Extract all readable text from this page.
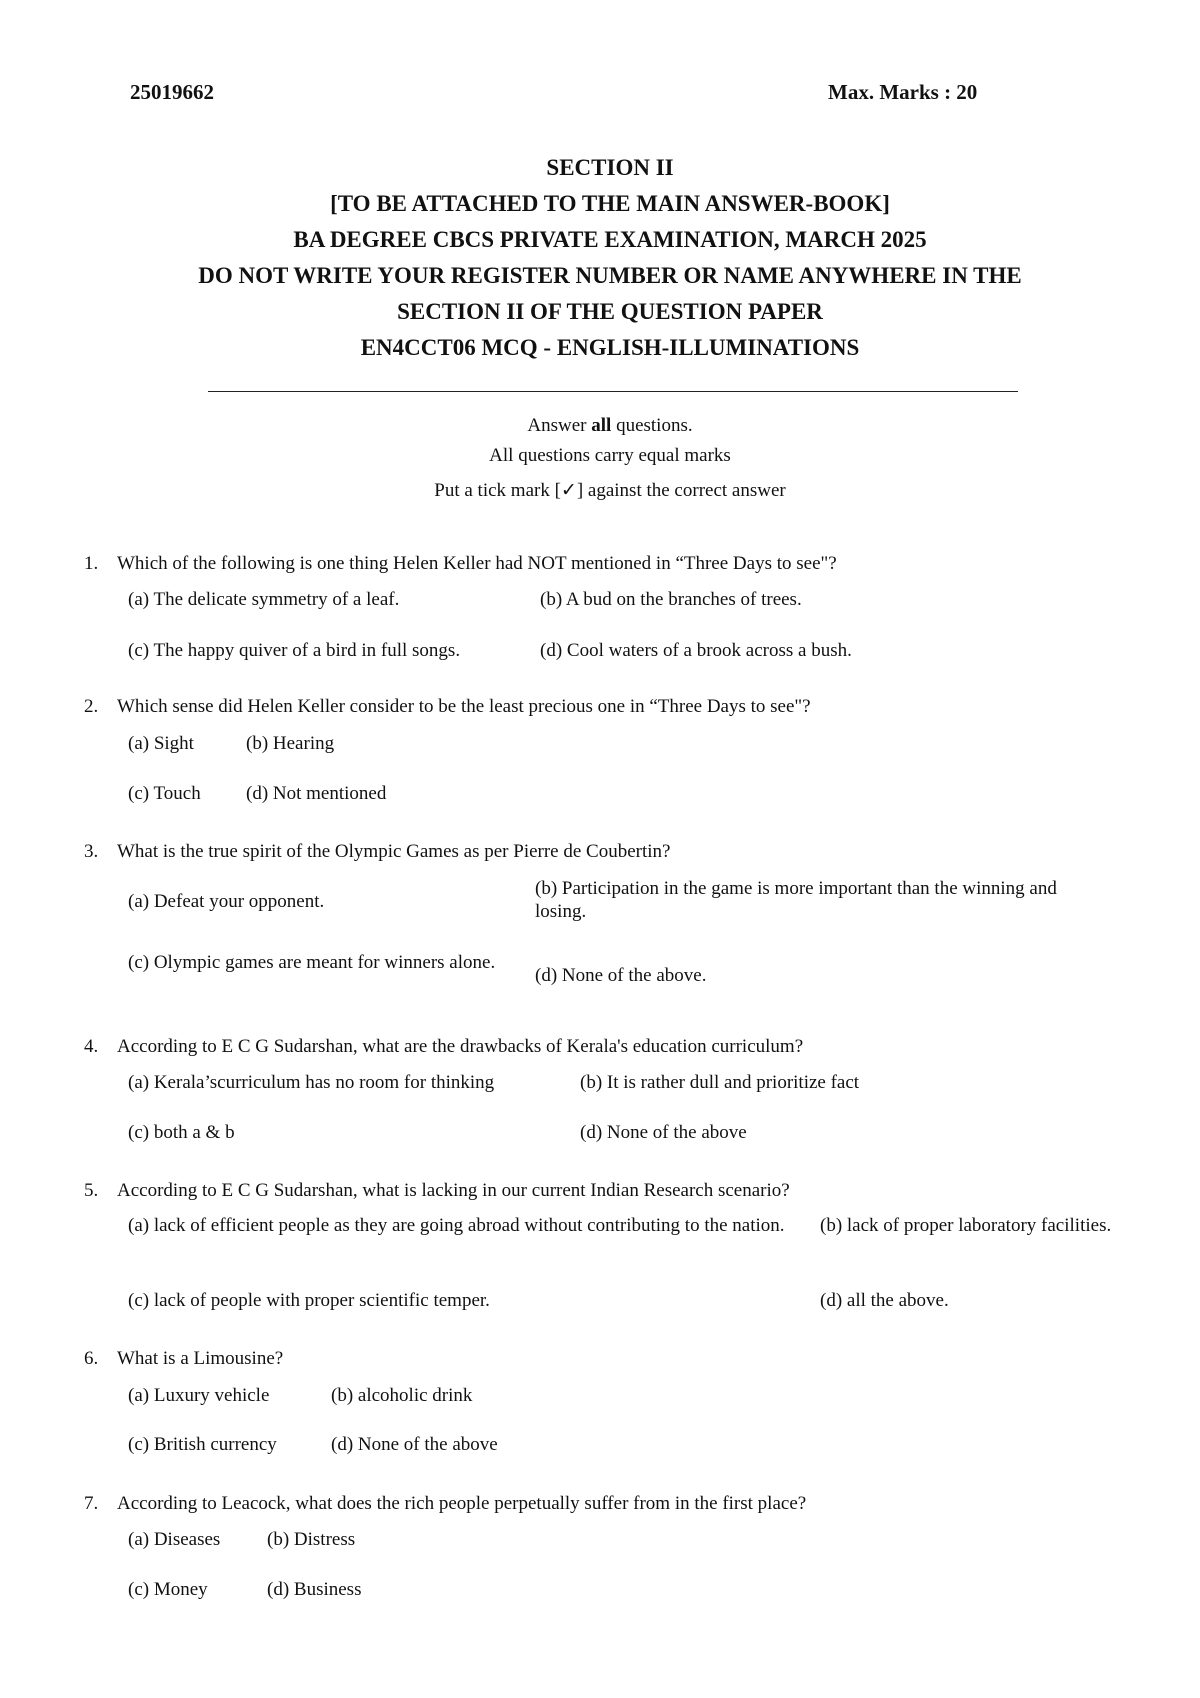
25019662	Max. Marks : 20
SECTION II
[TO BE ATTACHED TO THE MAIN ANSWER-BOOK]
BA DEGREE CBCS PRIVATE EXAMINATION, MARCH 2025
DO NOT WRITE YOUR REGISTER NUMBER OR NAME ANYWHERE IN THE
SECTION II OF THE QUESTION PAPER
EN4CCT06 MCQ - ENGLISH-ILLUMINATIONS
Answer all questions.
All questions carry equal marks
Put a tick mark [✓] against the correct answer
1. Which of the following is one thing Helen Keller had NOT mentioned in “Three Days to see"?
(a) The delicate symmetry of a leaf.	(b) A bud on the branches of trees.
(c) The happy quiver of a bird in full songs.	(d) Cool waters of a brook across a bush.
2. Which sense did Helen Keller consider to be the least precious one in “Three Days to see"?
(a) Sight	(b) Hearing
(c) Touch	(d) Not mentioned
3. What is the true spirit of the Olympic Games as per Pierre de Coubertin?
(a) Defeat your opponent.
(b) Participation in the game is more important than the winning and losing.
(c) Olympic games are meant for winners alone.
(d) None of the above.
4. According to E C G Sudarshan, what are the drawbacks of Kerala's education curriculum?
(a) Kerala’scurriculum has no room for thinking	(b) It is rather dull and prioritize fact
(c) both a & b	(d) None of the above
5. According to E C G Sudarshan, what is lacking in our current Indian Research scenario?
(a) lack of efficient people as they are going abroad without contributing to the nation.	(b) lack of proper laboratory facilities.
(c) lack of people with proper scientific temper.	(d) all the above.
6. What is a Limousine?
(a) Luxury vehicle	(b) alcoholic drink
(c) British currency	(d) None of the above
7. According to Leacock, what does the rich people perpetually suffer from in the first place?
(a) Diseases	(b) Distress
(c) Money	(d) Business
